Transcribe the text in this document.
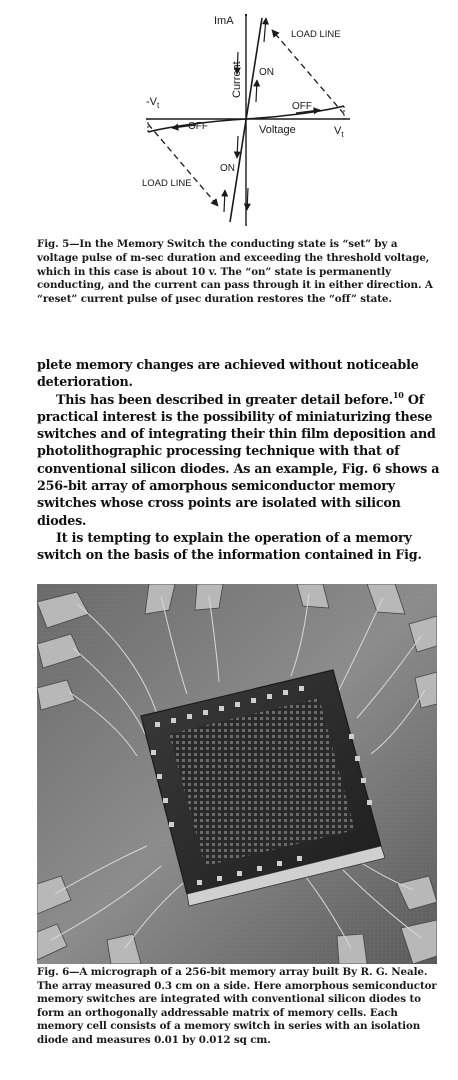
ImA
Current
Voltage
$-V_t$
$V_t$
ON
ON
OFF
OFF
LOAD LINE
LOAD LINE
Fig. 5—In the Memory Switch the conducting state is “set” by a voltage pulse of m-sec duration and exceeding the threshold voltage, which in this case is about 10 v. The “on” state is permanently conducting, and the current can pass through it in either direction. A “reset” current pulse of µsec duration restores the “off” state.

plete memory changes are achieved without noticeable deterioration.

This has been described in greater detail before.$^{10}$ Of practical interest is the possibility of miniaturizing these switches and of integrating their thin film deposition and photolithographic processing technique with that of conventional silicon diodes. As an example, Fig. 6 shows a 256-bit array of amorphous semiconductor memory switches whose cross points are isolated with silicon diodes.

It is tempting to explain the operation of a memory switch on the basis of the information contained in Fig.

Fig. 6—A micrograph of a 256-bit memory array built By R. G. Neale. The array measured 0.3 cm on a side. Here amorphous semiconductor memory switches are integrated with conventional silicon diodes to form an orthogonally addressable matrix of memory cells. Each memory cell consists of a memory switch in series with an isolation diode and measures 0.01 by 0.012 sq cm.
